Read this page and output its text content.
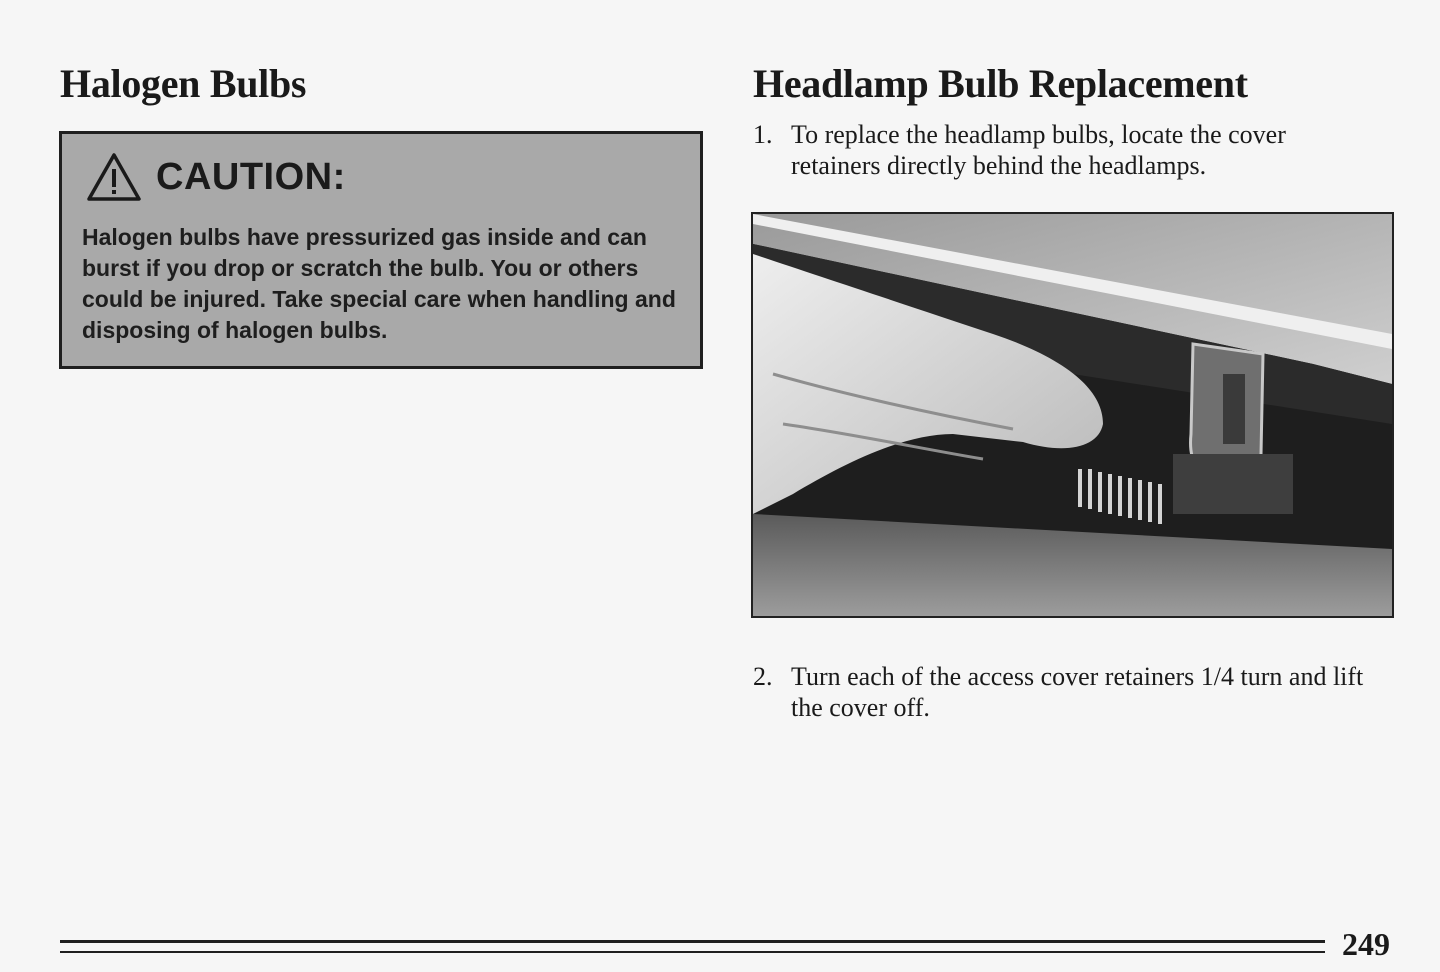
Halogen Bulbs
CAUTION:

Halogen bulbs have pressurized gas inside and can burst if you drop or scratch the bulb. You or others could be injured. Take special care when handling and disposing of halogen bulbs.

Headlamp Bulb Replacement
1. To replace the headlamp bulbs, locate the cover retainers directly behind the headlamps.
2. Turn each of the access cover retainers 1/4 turn and lift the cover off.
249
